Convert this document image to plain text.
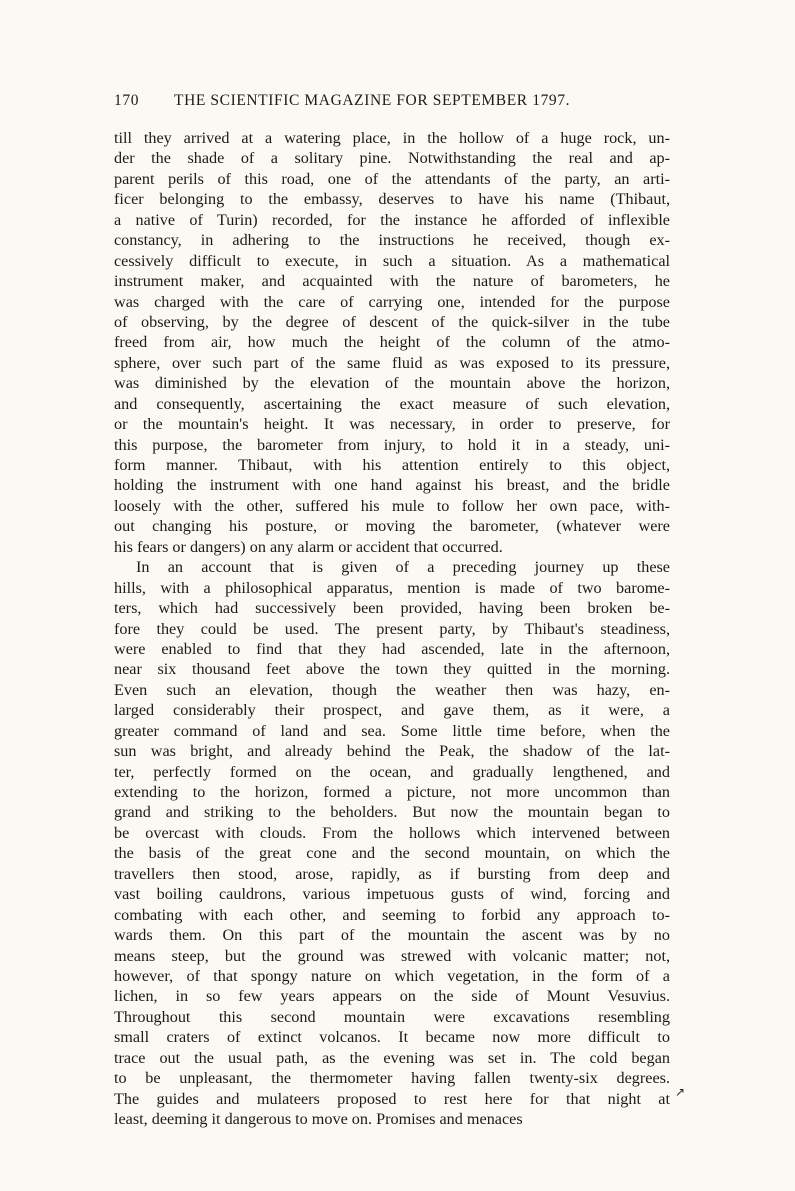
170 THE SCIENTIFIC MAGAZINE FOR SEPTEMBER 1797.
till they arrived at a watering place, in the hollow of a huge rock, un-
der the shade of a solitary pine. Notwithstanding the real and ap-
parent perils of this road, one of the attendants of the party, an arti-
ficer belonging to the embassy, deserves to have his name (Thibaut,
a native of Turin) recorded, for the instance he afforded of inflexible
constancy, in adhering to the instructions he received, though ex-
cessively difficult to execute, in such a situation. As a mathematical
instrument maker, and acquainted with the nature of barometers, he
was charged with the care of carrying one, intended for the purpose
of observing, by the degree of descent of the quick-silver in the tube
freed from air, how much the height of the column of the atmo-
sphere, over such part of the same fluid as was exposed to its pressure,
was diminished by the elevation of the mountain above the horizon,
and consequently, ascertaining the exact measure of such elevation,
or the mountain's height. It was necessary, in order to preserve, for
this purpose, the barometer from injury, to hold it in a steady, uni-
form manner. Thibaut, with his attention entirely to this object,
holding the instrument with one hand against his breast, and the bridle
loosely with the other, suffered his mule to follow her own pace, with-
out changing his posture, or moving the barometer, (whatever were
his fears or dangers) on any alarm or accident that occurred.
In an account that is given of a preceding journey up these
hills, with a philosophical apparatus, mention is made of two barome-
ters, which had successively been provided, having been broken be-
fore they could be used. The present party, by Thibaut's steadiness,
were enabled to find that they had ascended, late in the afternoon,
near six thousand feet above the town they quitted in the morning.
Even such an elevation, though the weather then was hazy, en-
larged considerably their prospect, and gave them, as it were, a
greater command of land and sea. Some little time before, when the
sun was bright, and already behind the Peak, the shadow of the lat-
ter, perfectly formed on the ocean, and gradually lengthened, and
extending to the horizon, formed a picture, not more uncommon than
grand and striking to the beholders. But now the mountain began to
be overcast with clouds. From the hollows which intervened between
the basis of the great cone and the second mountain, on which the
travellers then stood, arose, rapidly, as if bursting from deep and
vast boiling cauldrons, various impetuous gusts of wind, forcing and
combating with each other, and seeming to forbid any approach to-
wards them. On this part of the mountain the ascent was by no
means steep, but the ground was strewed with volcanic matter; not,
however, of that spongy nature on which vegetation, in the form of a
lichen, in so few years appears on the side of Mount Vesuvius.
Throughout this second mountain were excavations resembling
small craters of extinct volcanos. It became now more difficult to
trace out the usual path, as the evening was set in. The cold began
to be unpleasant, the thermometer having fallen twenty-six degrees.
The guides and mulateers proposed to rest here for that night at
least, deeming it dangerous to move on. Promises and menaces
↗
